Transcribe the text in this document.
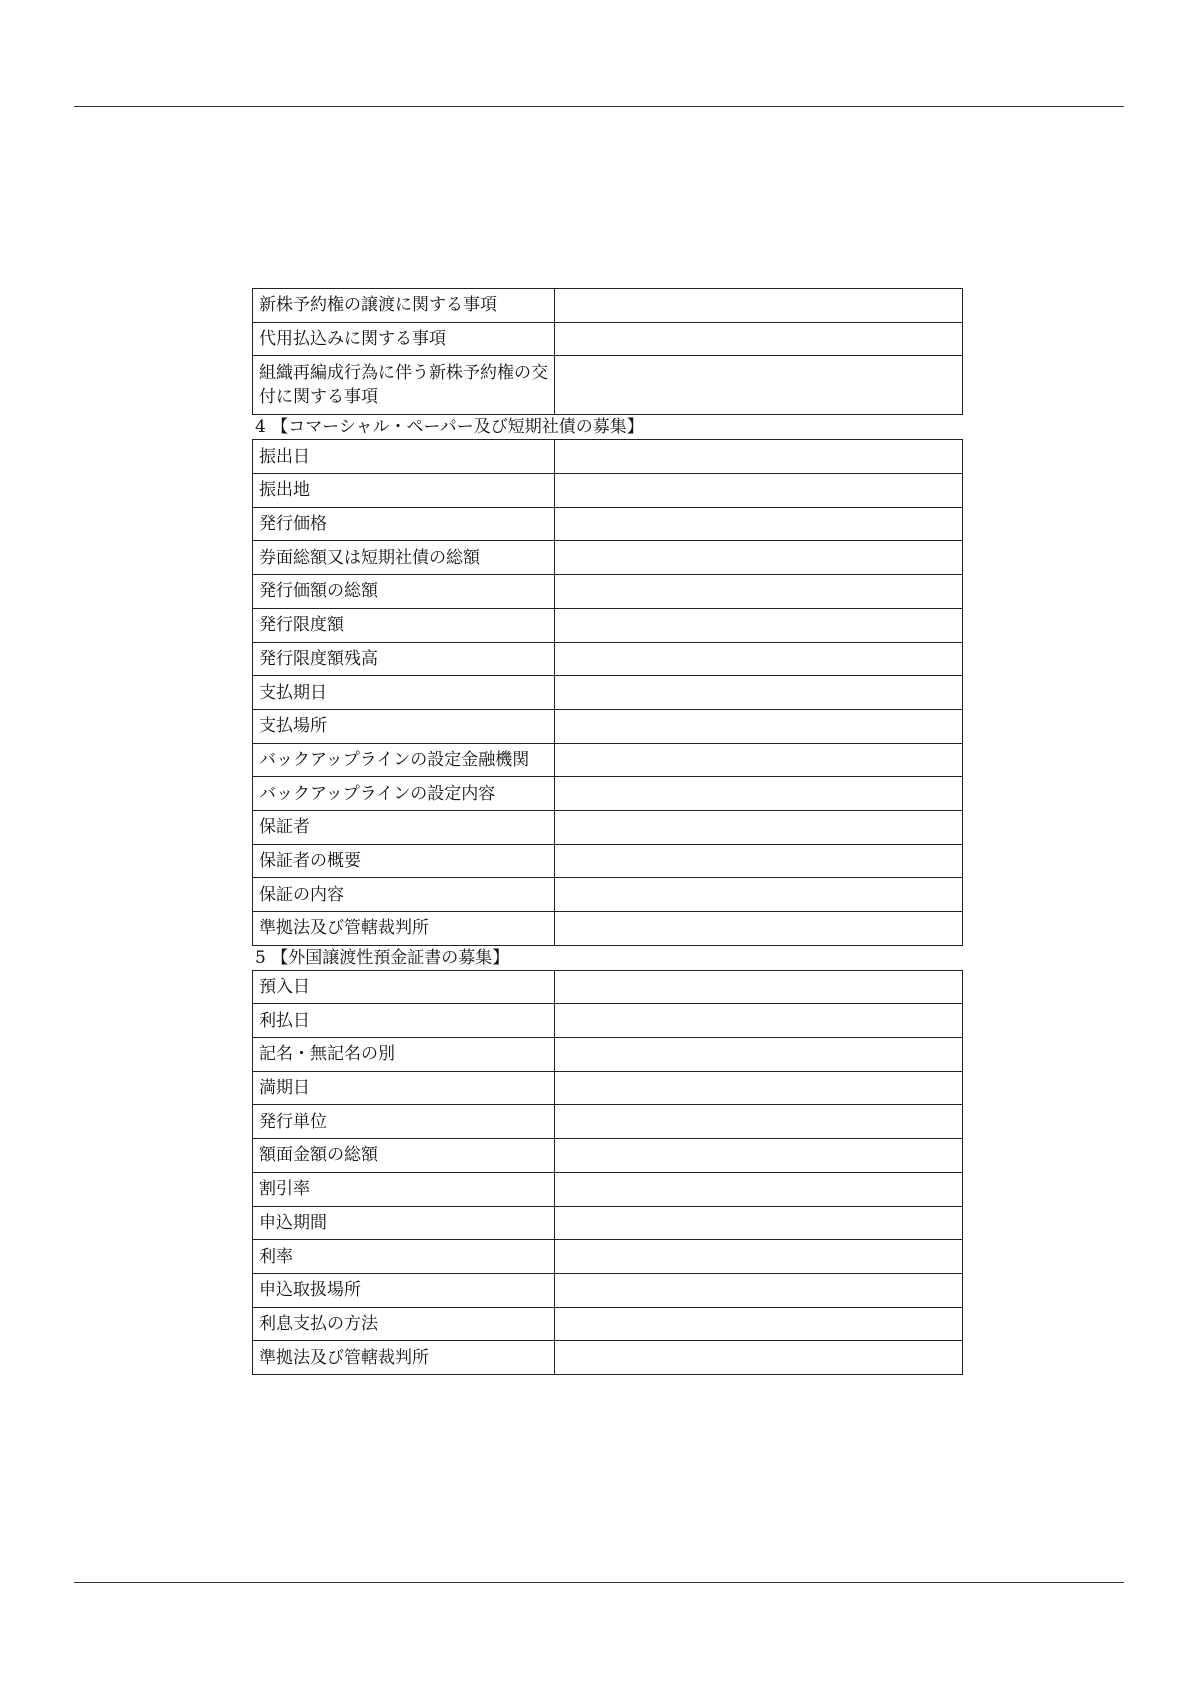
新株予約権の譲渡に関する事項	
代用払込みに関する事項	
組織再編成行為に伴う新株予約権の交付に関する事項	
4 【コマーシャル・ペーパー及び短期社債の募集】
振出日	
振出地	
発行価格	
券面総額又は短期社債の総額	
発行価額の総額	
発行限度額	
発行限度額残高	
支払期日	
支払場所	
バックアップラインの設定金融機関	
バックアップラインの設定内容	
保証者	
保証者の概要	
保証の内容	
準拠法及び管轄裁判所	
5 【外国譲渡性預金証書の募集】
預入日	
利払日	
記名・無記名の別	
満期日	
発行単位	
額面金額の総額	
割引率	
申込期間	
利率	
申込取扱場所	
利息支払の方法	
準拠法及び管轄裁判所	
